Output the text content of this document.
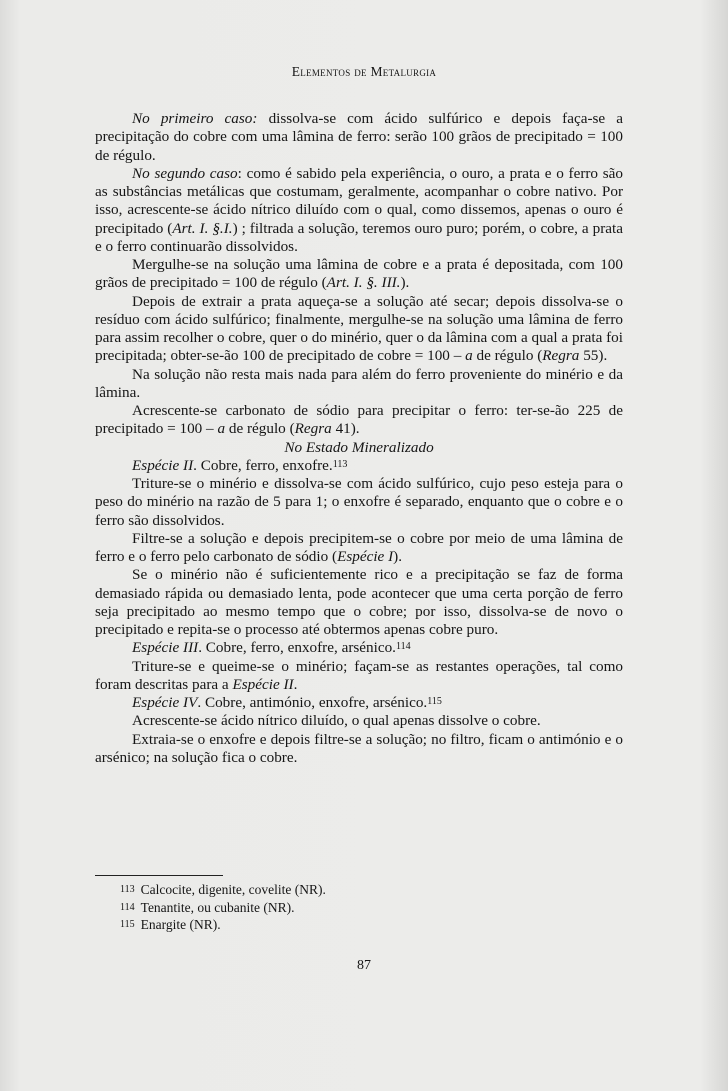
Elementos de Metalurgia

No primeiro caso: dissolva-se com ácido sulfúrico e depois faça-se a precipitação do cobre com uma lâmina de ferro: serão 100 grãos de precipitado = 100 de régulo.

No segundo caso: como é sabido pela experiência, o ouro, a prata e o ferro são as substâncias metálicas que costumam, geralmente, acompanhar o cobre nativo. Por isso, acrescente-se ácido nítrico diluído com o qual, como dissemos, apenas o ouro é precipitado (Art. I. §.I.) ; filtrada a solução, teremos ouro puro; porém, o cobre, a prata e o ferro continuarão dissolvidos.

Mergulhe-se na solução uma lâmina de cobre e a prata é depositada, com 100 grãos de precipitado = 100 de régulo (Art. I. §. III.).

Depois de extrair a prata aqueça-se a solução até secar; depois dissolva-se o resíduo com ácido sulfúrico; finalmente, mergulhe-se na solução uma lâmina de ferro para assim recolher o cobre, quer o do minério, quer o da lâmina com a qual a prata foi precipitada; obter-se-ão 100 de precipitado de cobre = 100 – a de régulo (Regra 55).

Na solução não resta mais nada para além do ferro proveniente do minério e da lâmina.

Acrescente-se carbonato de sódio para precipitar o ferro: ter-se-ão 225 de precipitado = 100 – a de régulo (Regra 41).

No Estado Mineralizado

Espécie II. Cobre, ferro, enxofre.$^{113}$

Triture-se o minério e dissolva-se com ácido sulfúrico, cujo peso esteja para o peso do minério na razão de 5 para 1; o enxofre é separado, enquanto que o cobre e o ferro são dissolvidos.

Filtre-se a solução e depois precipitem-se o cobre por meio de uma lâmina de ferro e o ferro pelo carbonato de sódio (Espécie I).

Se o minério não é suficientemente rico e a precipitação se faz de forma demasiado rápida ou demasiado lenta, pode acontecer que uma certa porção de ferro seja precipitado ao mesmo tempo que o cobre; por isso, dissolva-se de novo o precipitado e repita-se o processo até obtermos apenas cobre puro.

Espécie III. Cobre, ferro, enxofre, arsénico.$^{114}$

Triture-se e queime-se o minério; façam-se as restantes operações, tal como foram descritas para a Espécie II.

Espécie IV. Cobre, antimónio, enxofre, arsénico.$^{115}$

Acrescente-se ácido nítrico diluído, o qual apenas dissolve o cobre.

Extraia-se o enxofre e depois filtre-se a solução; no filtro, ficam o antimónio e o arsénico; na solução fica o cobre.

$^{113}$ Calcocite, digenite, covelite (NR).
$^{114}$ Tenantite, ou cubanite (NR).
$^{115}$ Enargite (NR).
87
